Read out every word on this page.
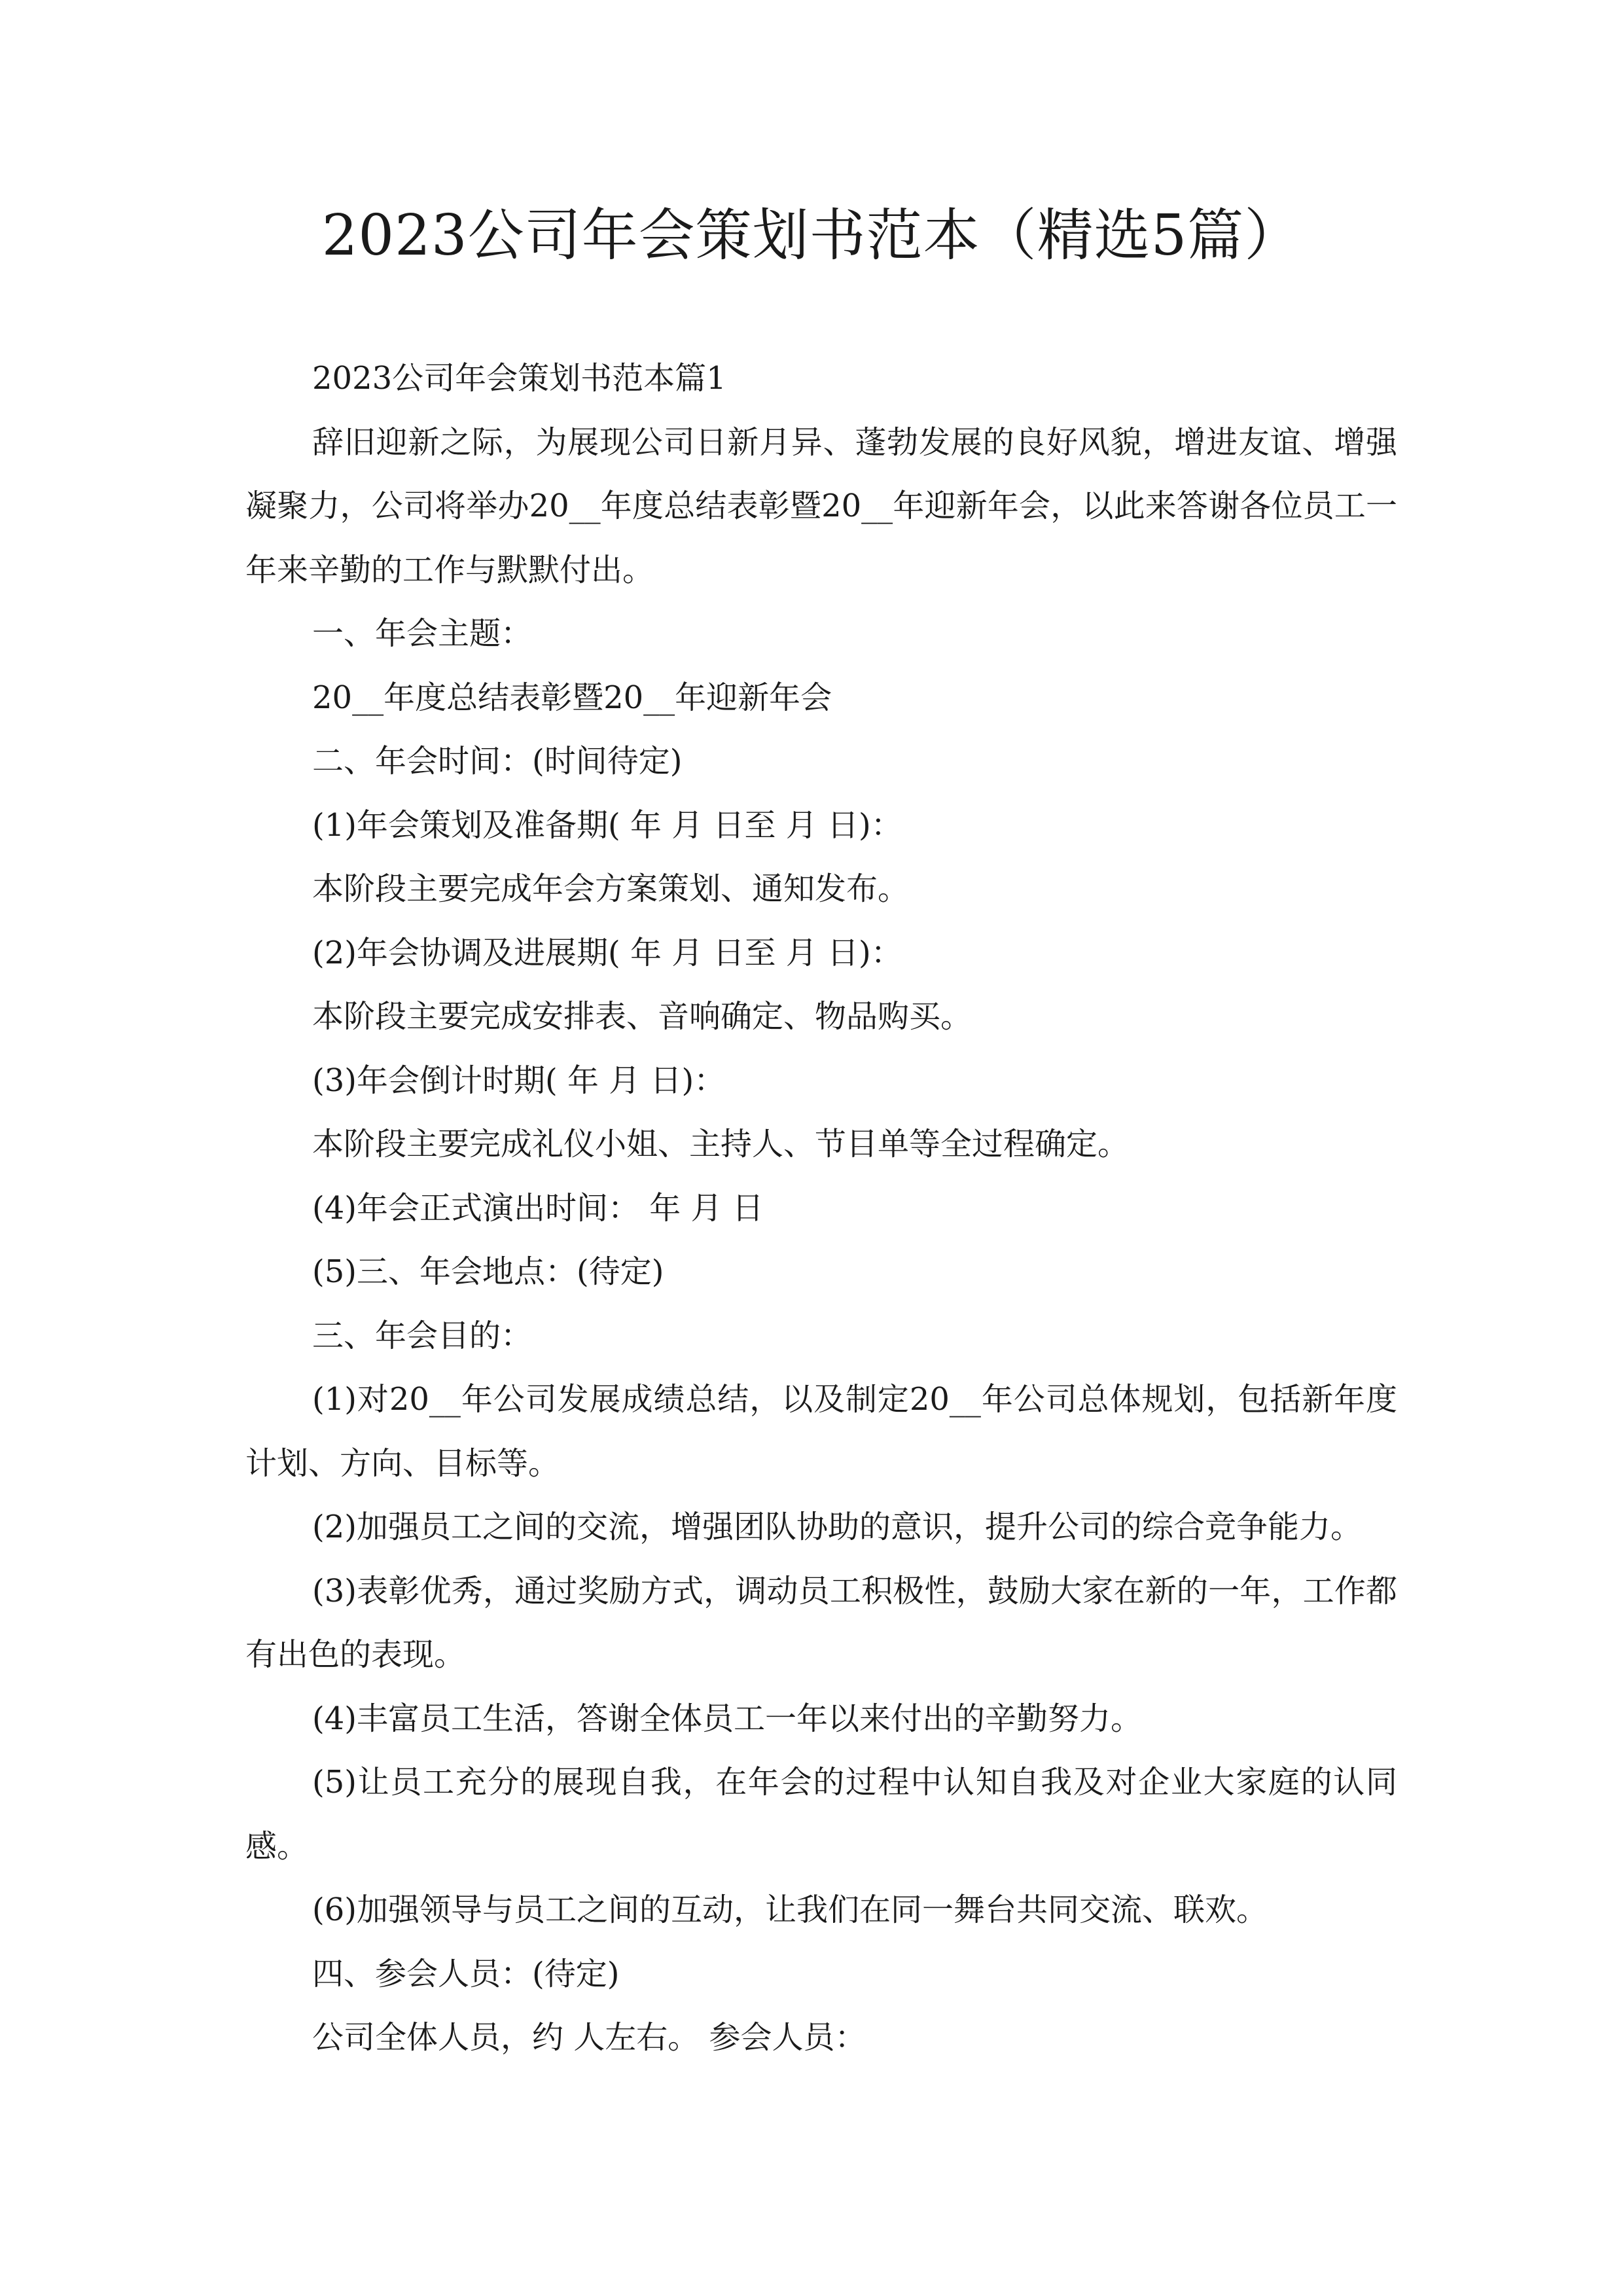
2023公司年会策划书范本（精选5篇）

2023公司年会策划书范本篇1

辞旧迎新之际，为展现公司日新月异、蓬勃发展的良好风貌，增进友谊、增强凝聚力，公司将举办20__年度总结表彰暨20__年迎新年会，以此来答谢各位员工一年来辛勤的工作与默默付出。

一、年会主题：

20__年度总结表彰暨20__年迎新年会

二、年会时间：(时间待定)

(1)年会策划及准备期( 年 月 日至 月 日)：

本阶段主要完成年会方案策划、通知发布。

(2)年会协调及进展期( 年 月 日至 月 日)：

本阶段主要完成安排表、音响确定、物品购买。

(3)年会倒计时期( 年 月 日)：

本阶段主要完成礼仪小姐、主持人、节目单等全过程确定。

(4)年会正式演出时间： 年 月 日

(5)三、年会地点：(待定)

三、年会目的：

(1)对20__年公司发展成绩总结，以及制定20__年公司总体规划，包括新年度计划、方向、目标等。

(2)加强员工之间的交流，增强团队协助的意识，提升公司的综合竞争能力。

(3)表彰优秀，通过奖励方式，调动员工积极性，鼓励大家在新的一年，工作都有出色的表现。

(4)丰富员工生活，答谢全体员工一年以来付出的辛勤努力。

(5)让员工充分的展现自我，在年会的过程中认知自我及对企业大家庭的认同感。

(6)加强领导与员工之间的互动，让我们在同一舞台共同交流、联欢。

四、参会人员：(待定)

公司全体人员，约 人左右。 参会人员：
